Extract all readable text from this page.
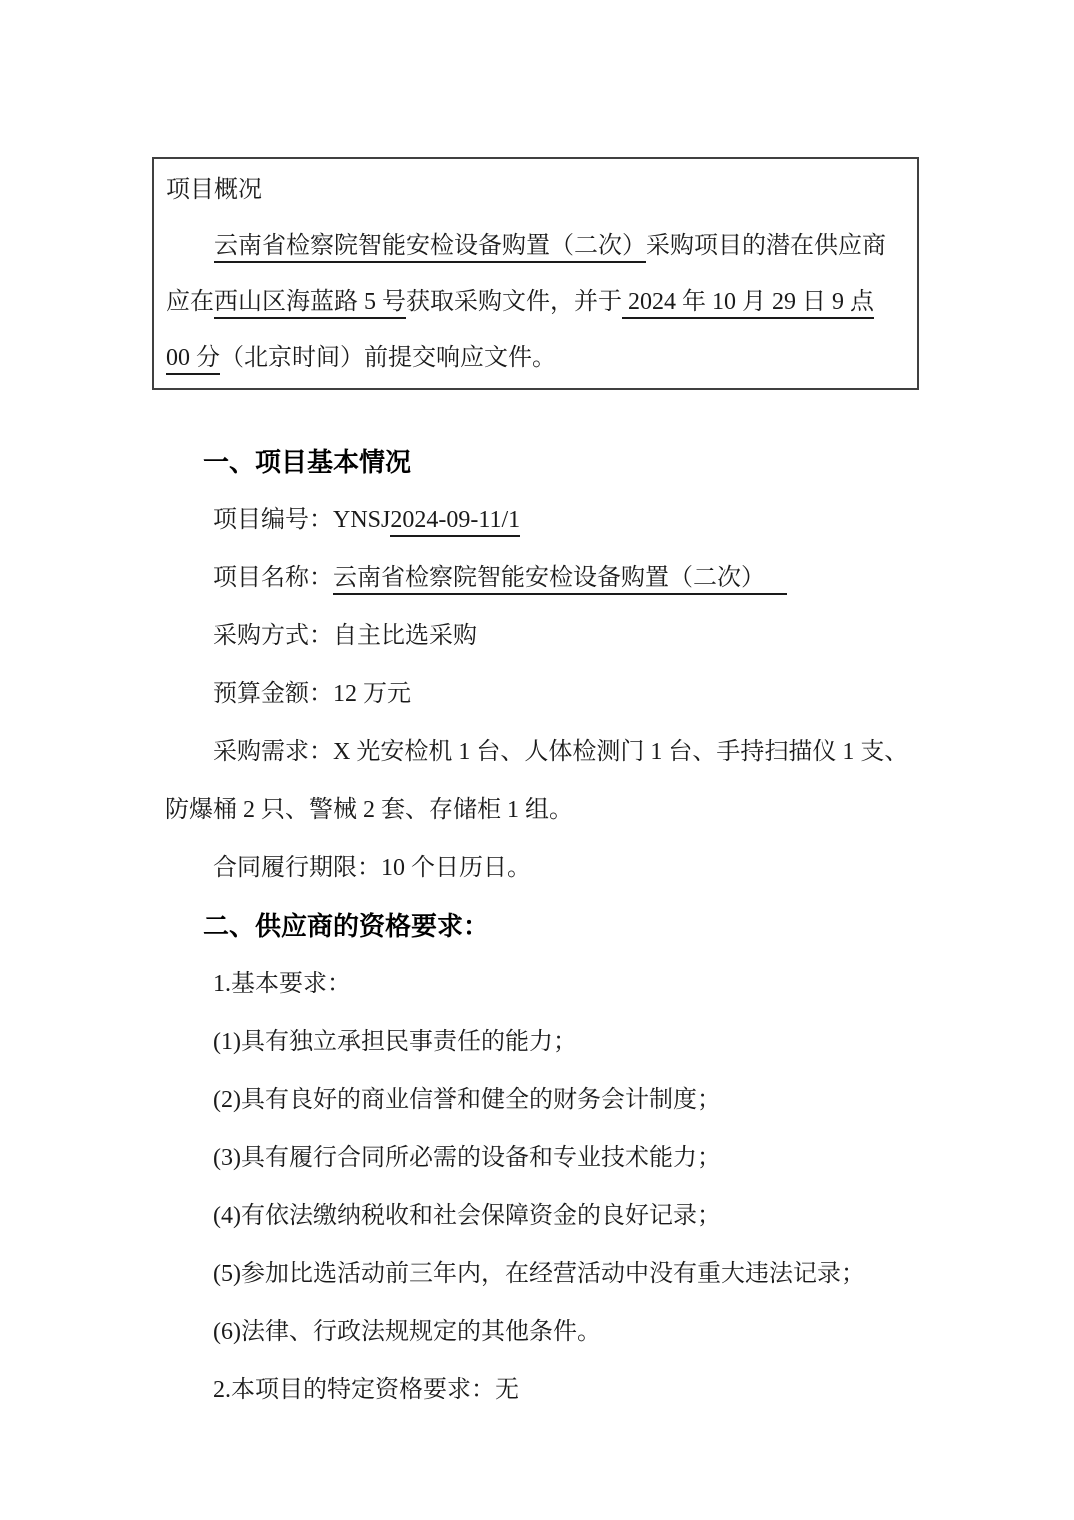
项目概况
云南省检察院智能安检设备购置（二次）采购项目的潜在供应商
应在西山区海蓝路 5 号获取采购文件，并于 2024 年 10 月 29 日 9 点
00 分（北京时间）前提交响应文件。
一、项目基本情况

项目编号：YNSJ2024-09-11/1

项目名称：云南省检察院智能安检设备购置（二次）

采购方式：自主比选采购

预算金额：12 万元

采购需求：X 光安检机 1 台、人体检测门 1 台、手持扫描仪 1 支、防爆桶 2 只、警械 2 套、存储柜 1 组。

合同履行期限：10 个日历日。

二、供应商的资格要求：

1.基本要求：

(1)具有独立承担民事责任的能力；

(2)具有良好的商业信誉和健全的财务会计制度；

(3)具有履行合同所必需的设备和专业技术能力；

(4)有依法缴纳税收和社会保障资金的良好记录；

(5)参加比选活动前三年内，在经营活动中没有重大违法记录；

(6)法律、行政法规规定的其他条件。

2.本项目的特定资格要求：无
